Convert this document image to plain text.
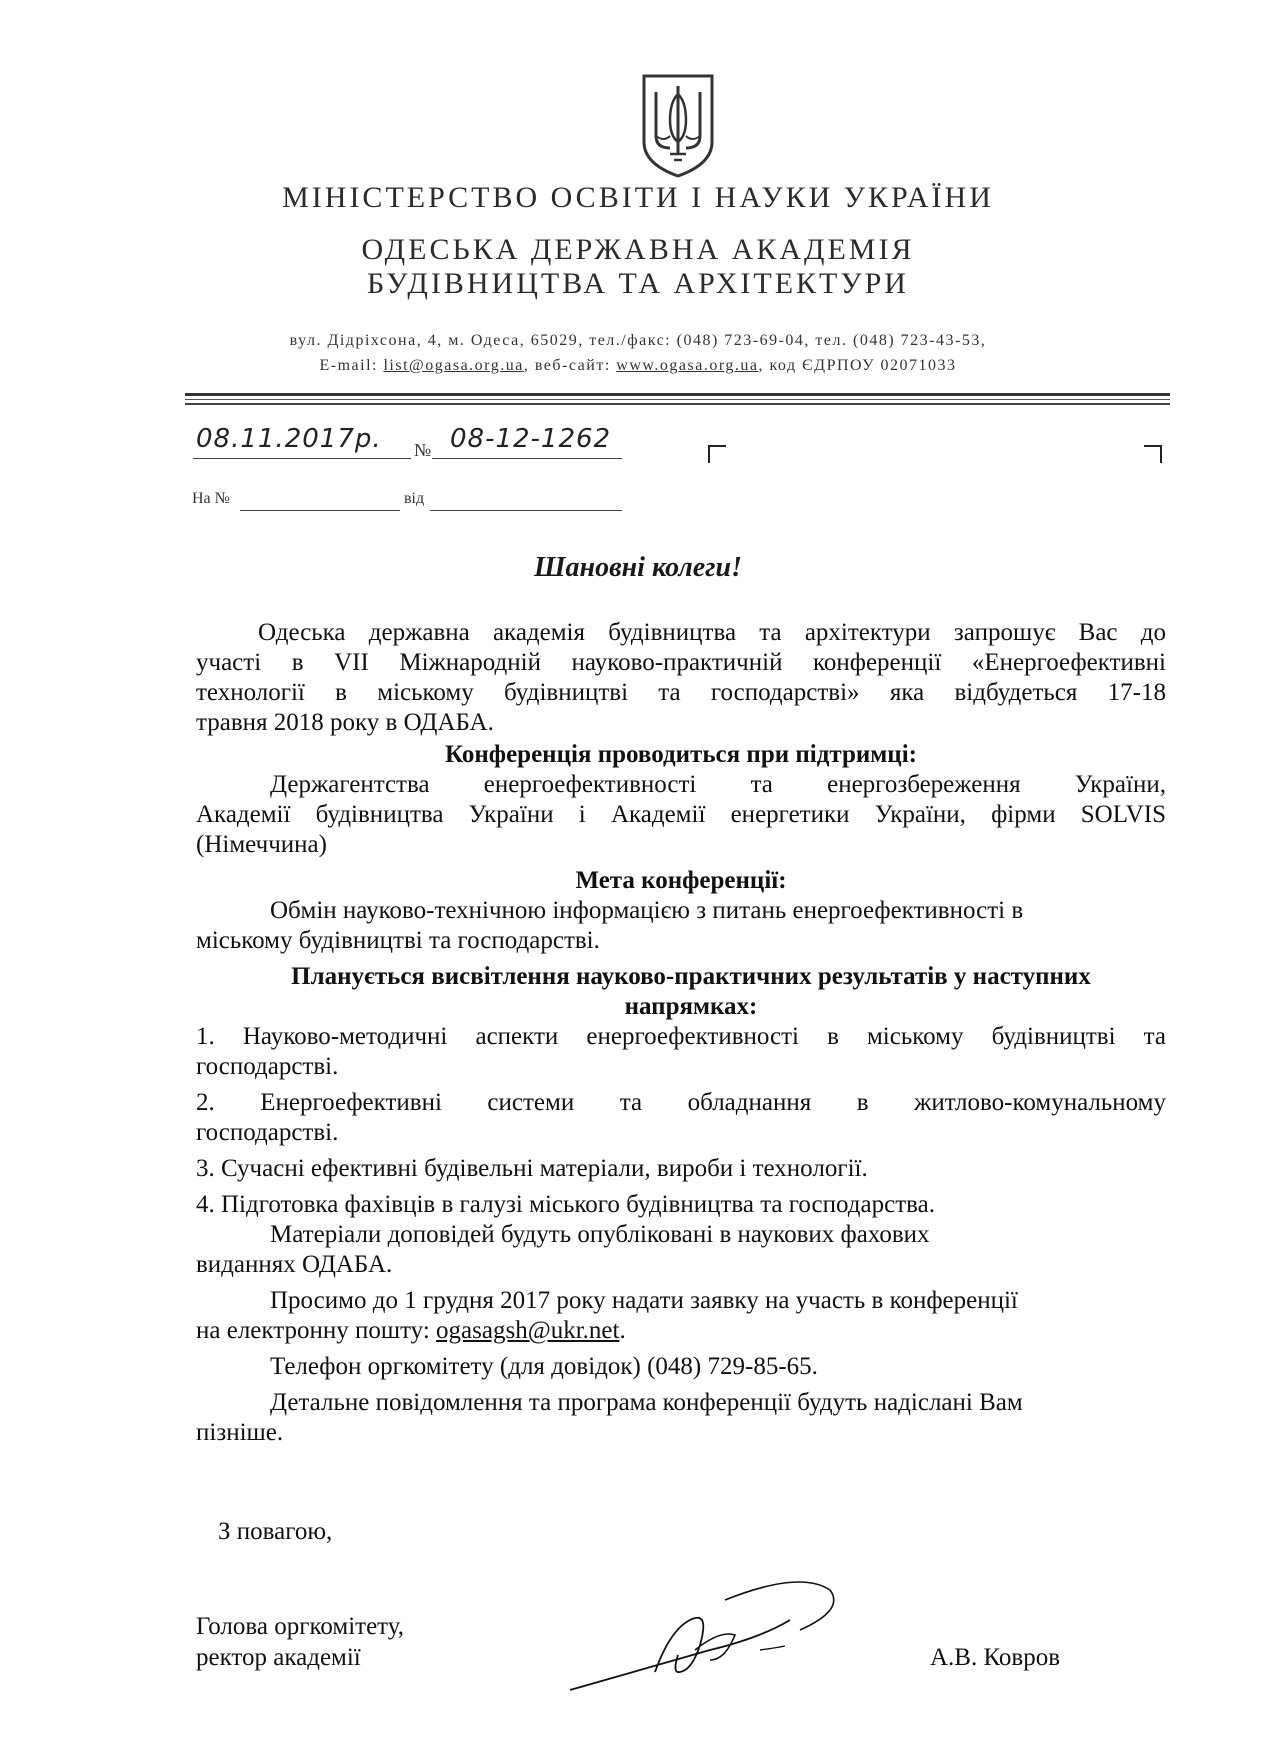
МІНІСТЕРСТВО ОСВІТИ І НАУКИ УКРАЇНИ
ОДЕСЬКА ДЕРЖАВНА АКАДЕМІЯ
БУДІВНИЦТВА ТА АРХІТЕКТУРИ
вул. Дідріхсона, 4, м. Одеса, 65029, тел./факс: (048) 723-69-04, тел. (048) 723-43-53,
E-mail: list@ogasa.org.ua, веб-сайт: www.ogasa.org.ua, код ЄДРПОУ 02071033
08.11.2017р. № 08-12-1262
На №	від
Шановні колеги!
Одеська державна академія будівництва та архітектури запрошує Вас до
участі в VII Міжнародній науково-практичній конференції «Енергоефективні
технології в міському будівництві та господарстві» яка відбудеться 17-18
травня 2018 року в ОДАБА.
Конференція проводиться при підтримці:
Держагентства енергоефективності та енергозбереження України,
Академії будівництва України і Академії енергетики України, фірми SOLVIS
(Німеччина)
Мета конференції:
Обмін науково-технічною інформацією з питань енергоефективності в
міському будівництві та господарстві.
Планується висвітлення науково-практичних результатів у наступних
напрямках:
1. Науково-методичні аспекти енергоефективності в міському будівництві та
господарстві.
2. Енергоефективні системи та обладнання в житлово-комунальному
господарстві.
3. Сучасні ефективні будівельні матеріали, вироби і технології.
4. Підготовка фахівців в галузі міського будівництва та господарства.
Матеріали доповідей будуть опубліковані в наукових фахових
виданнях ОДАБА.
Просимо до 1 грудня 2017 року надати заявку на участь в конференції
на електронну пошту: ogasagsh@ukr.net.
Телефон оргкомітету (для довідок) (048) 729-85-65.
Детальне повідомлення та програма конференції будуть надіслані Вам
пізніше.
З повагою,
Голова оргкомітету,
ректор академії	А.В. Ковров
